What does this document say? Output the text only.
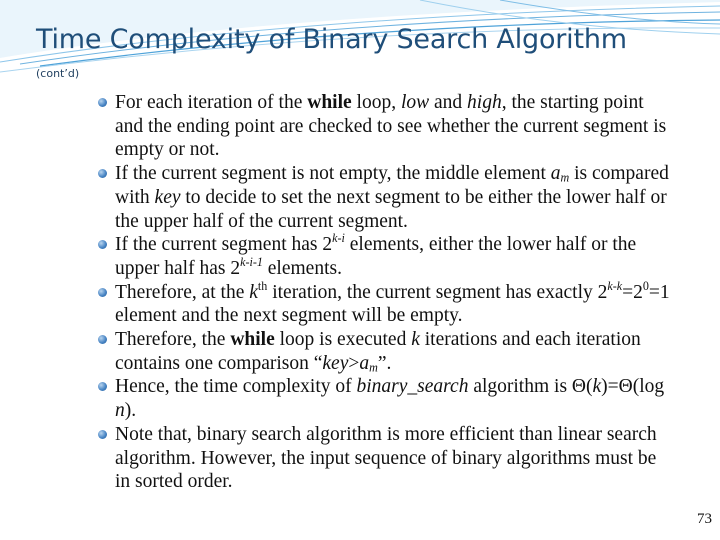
Time Complexity of Binary Search Algorithm
(cont’d)
For each iteration of the while loop, low and high, the starting point and the ending point are checked to see whether the current segment is empty or not.
If the current segment is not empty, the middle element $a_m$ is compared with key to decide to set the next segment to be either the lower half or the upper half of the current segment.
If the current segment has 2$^{k-i}$ elements, either the lower half or the upper half has 2$^{k-i-1}$ elements.
Therefore, at the $k^{th}$ iteration, the current segment has exactly $2^{k-k}=2^0=1$ element and the next segment will be empty.
Therefore, the while loop is executed k iterations and each iteration contains one comparison “$key>a_m$”.
Hence, the time complexity of binary_search algorithm is Θ(k)=Θ(log n).
Note that, binary search algorithm is more efficient than linear search algorithm. However, the input sequence of binary algorithms must be in sorted order.
73
